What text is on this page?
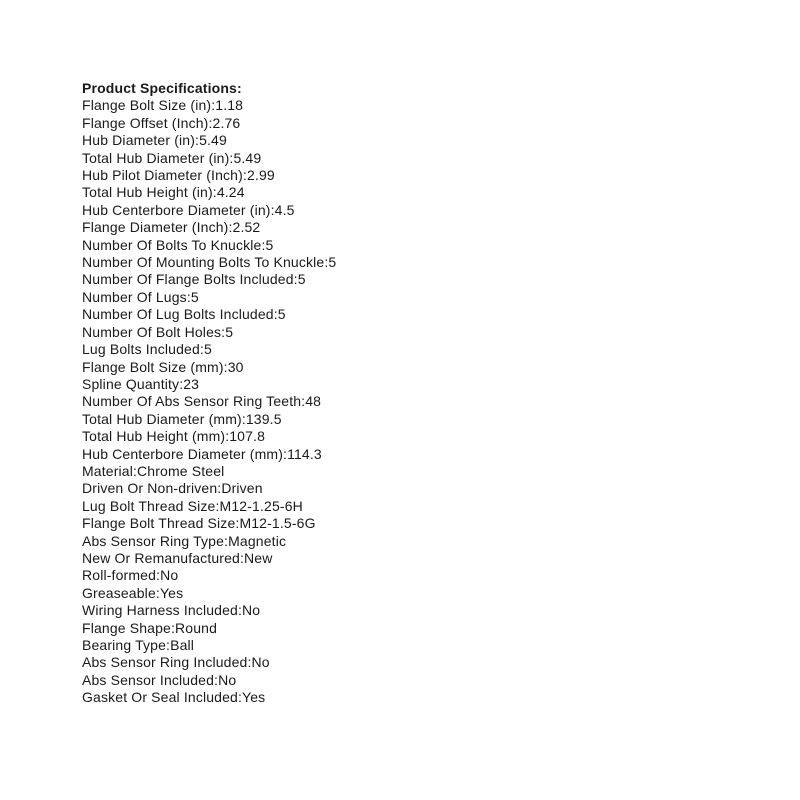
Product Specifications:
Flange Bolt Size (in):1.18
Flange Offset (Inch):2.76
Hub Diameter (in):5.49
Total Hub Diameter (in):5.49
Hub Pilot Diameter (Inch):2.99
Total Hub Height (in):4.24
Hub Centerbore Diameter (in):4.5
Flange Diameter (Inch):2.52
Number Of Bolts To Knuckle:5
Number Of Mounting Bolts To Knuckle:5
Number Of Flange Bolts Included:5
Number Of Lugs:5
Number Of Lug Bolts Included:5
Number Of Bolt Holes:5
Lug Bolts Included:5
Flange Bolt Size (mm):30
Spline Quantity:23
Number Of Abs Sensor Ring Teeth:48
Total Hub Diameter (mm):139.5
Total Hub Height (mm):107.8
Hub Centerbore Diameter (mm):114.3
Material:Chrome Steel
Driven Or Non-driven:Driven
Lug Bolt Thread Size:M12-1.25-6H
Flange Bolt Thread Size:M12-1.5-6G
Abs Sensor Ring Type:Magnetic
New Or Remanufactured:New
Roll-formed:No
Greaseable:Yes
Wiring Harness Included:No
Flange Shape:Round
Bearing Type:Ball
Abs Sensor Ring Included:No
Abs Sensor Included:No
Gasket Or Seal Included:Yes
